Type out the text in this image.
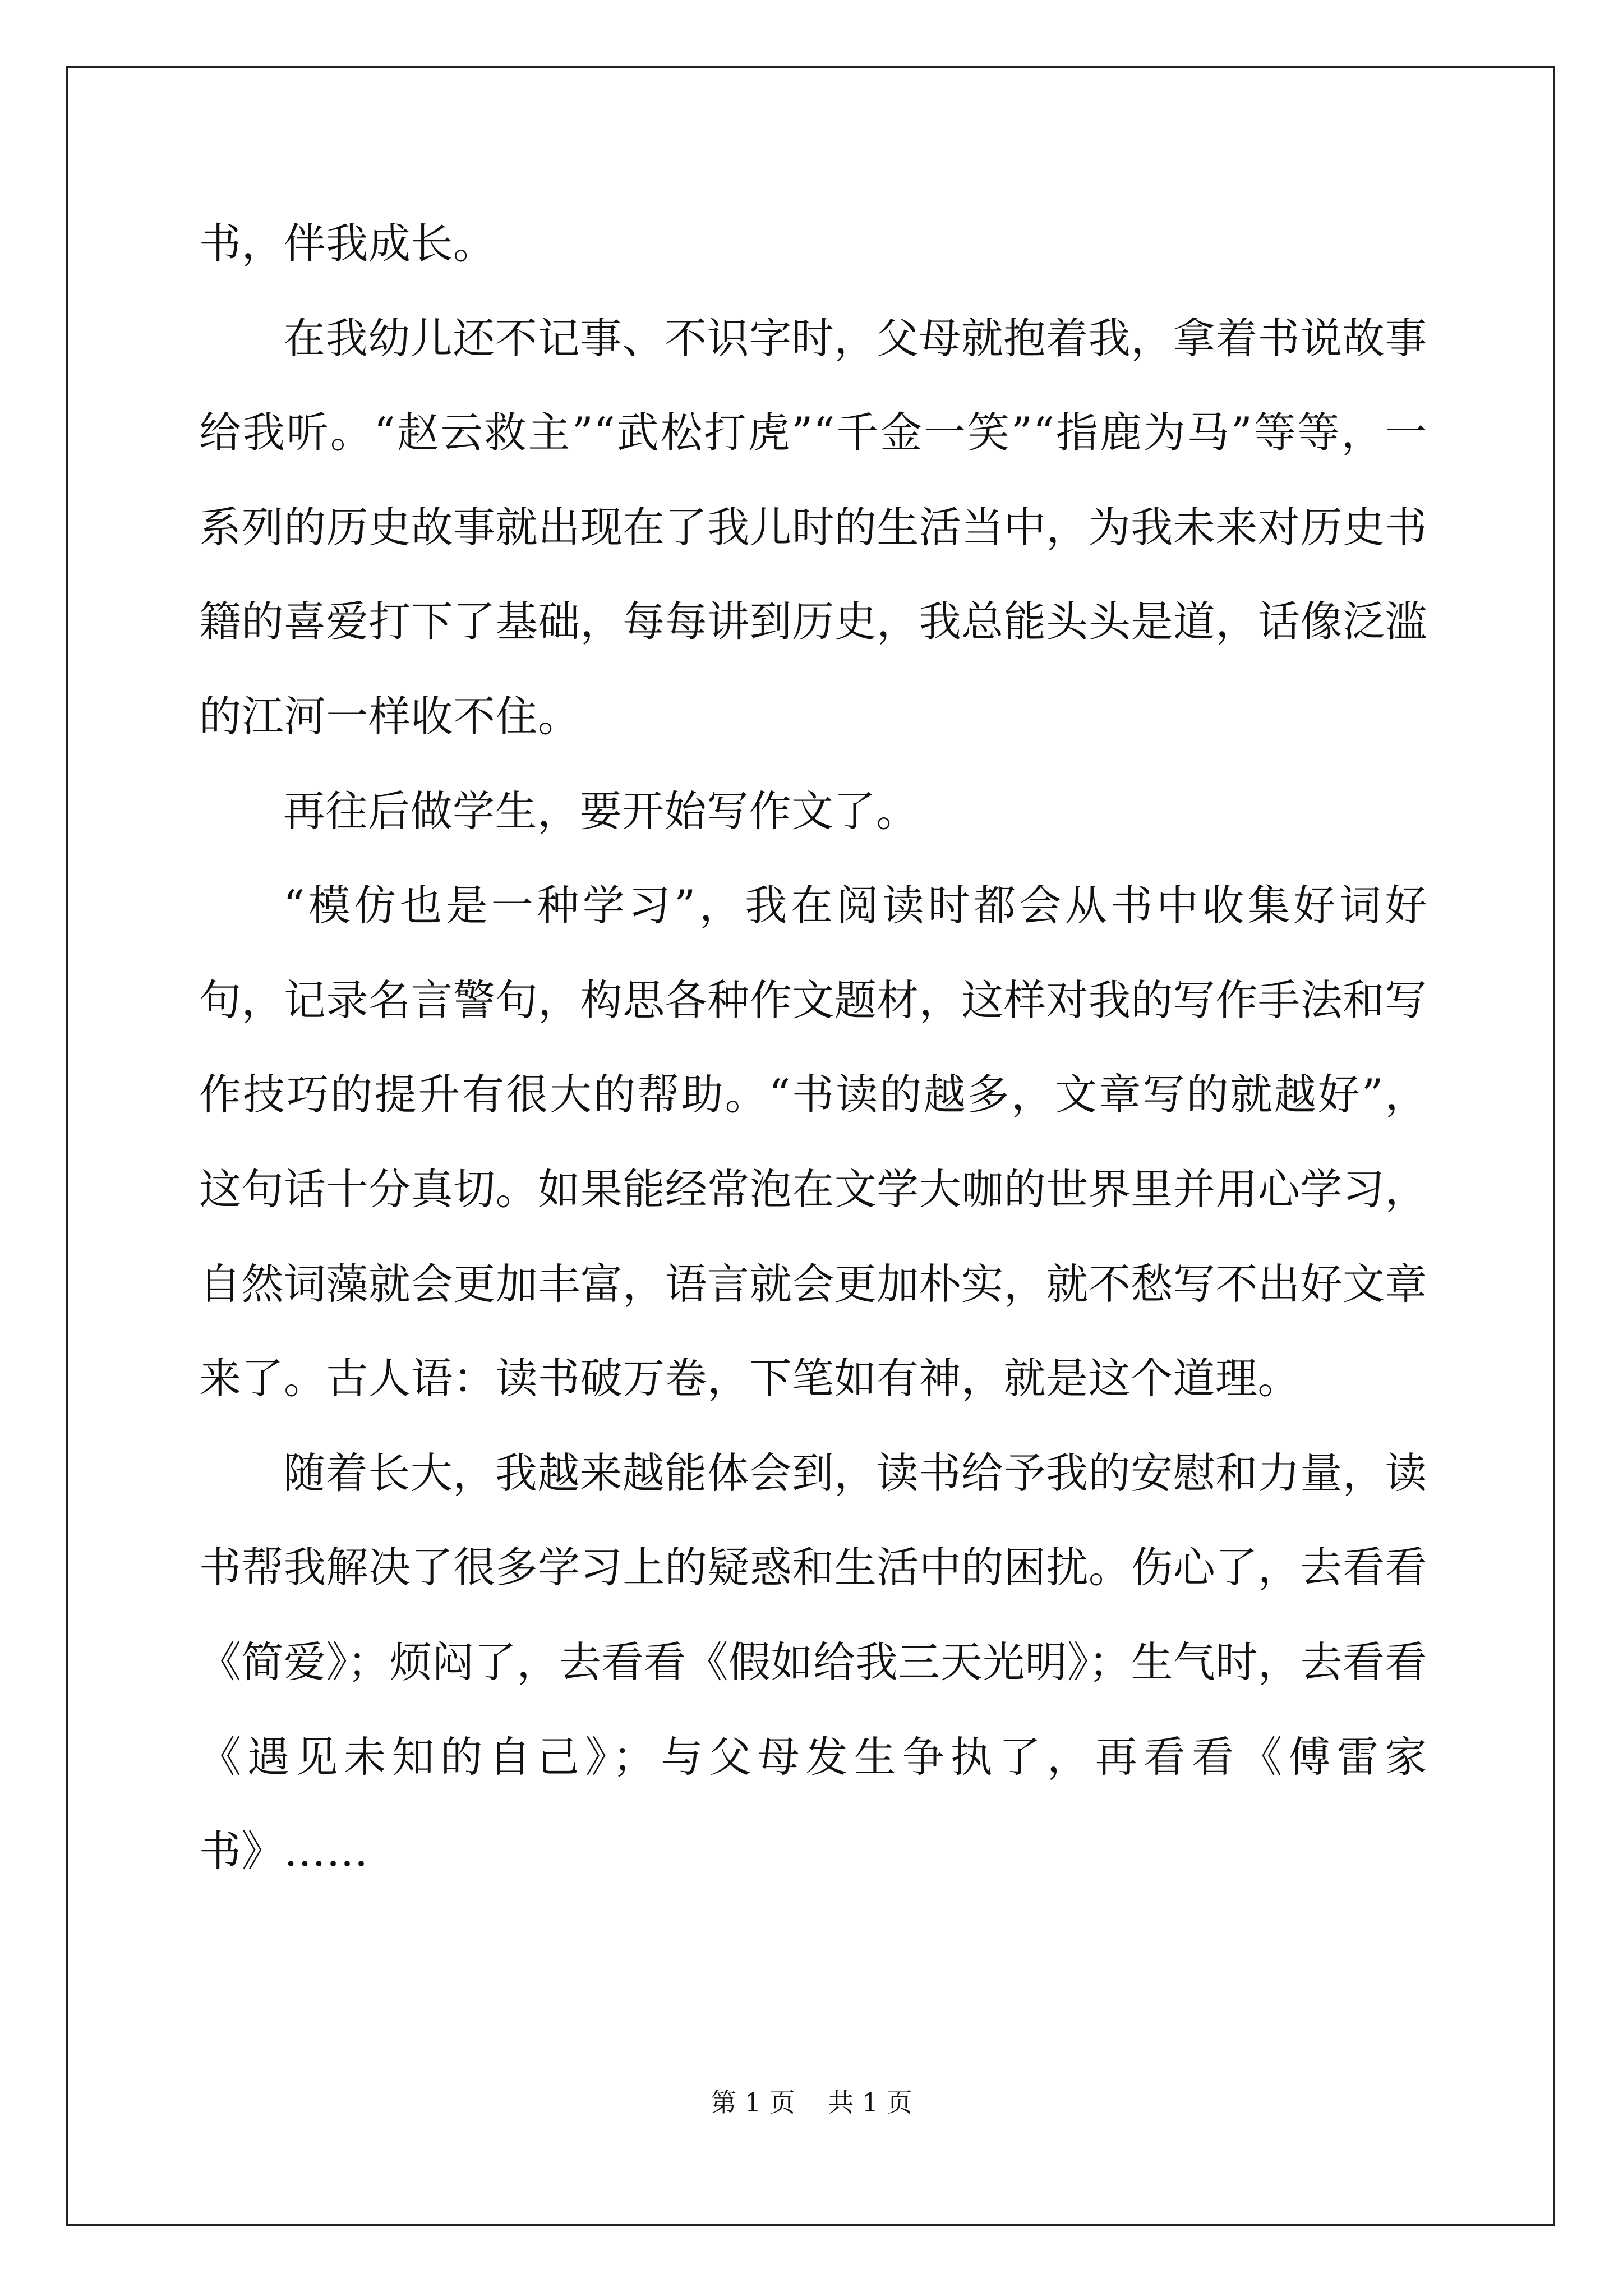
书，伴我成长。

在我幼儿还不记事、不识字时，父母就抱着我，拿着书说故事给我听。“赵云救主”“武松打虎”“千金一笑”“指鹿为马”等等，一系列的历史故事就出现在了我儿时的生活当中，为我未来对历史书籍的喜爱打下了基础，每每讲到历史，我总能头头是道，话像泛滥的江河一样收不住。

再往后做学生，要开始写作文了。

“模仿也是一种学习”，我在阅读时都会从书中收集好词好句，记录名言警句，构思各种作文题材，这样对我的写作手法和写作技巧的提升有很大的帮助。“书读的越多，文章写的就越好”，这句话十分真切。如果能经常泡在文学大咖的世界里并用心学习，自然词藻就会更加丰富，语言就会更加朴实，就不愁写不出好文章来了。古人语：读书破万卷，下笔如有神，就是这个道理。

随着长大，我越来越能体会到，读书给予我的安慰和力量，读书帮我解决了很多学习上的疑惑和生活中的困扰。伤心了，去看看《简爱》；烦闷了，去看看《假如给我三天光明》；生气时，去看看《遇见未知的自己》；与父母发生争执了，再看看《傅雷家书》……

第 1 页    共 1 页
